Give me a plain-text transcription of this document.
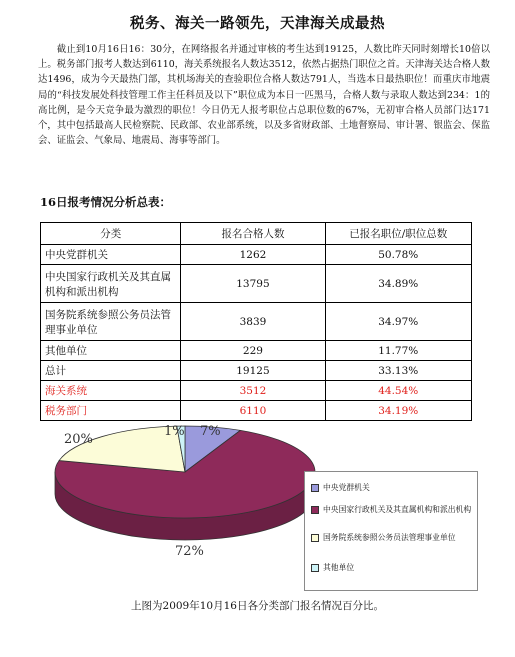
税务、海关一路领先，天津海关成最热
截止到10月16日16：30分，在网络报名并通过审核的考生达到19125，人数比昨天同时刻增长10倍以上。税务部门报考人数达到6110，海关系统报名人数达3512，依然占据热门职位之首。天津海关达合格人数达1496，成为今天最热门部，其机场海关的查验职位合格人数达791人，当选本日最热职位！而重庆市地震局的“科技发展处科技管理工作主任科员及以下”职位成为本日一匹黑马，合格人数与录取人数达到234：1的高比例，是今天竞争最为激烈的职位！今日仍无人报考职位占总职位数的67%，无初审合格人员部门达171个，其中包括最高人民检察院、民政部、农业部系统，以及多省财政部、土地督察局、审计署、银监会、保监会、证监会、气象局、地震局、海事等部门。
16日报考情况分析总表：
分类	报名合格人数	已报名职位/职位总数
中央党群机关	1262	50.78%
中央国家行政机关及其直属机构和派出机构	13795	34.89%
国务院系统参照公务员法管理事业单位	3839	34.97%
其他单位	229	11.77%
总计	19125	33.13%
海关系统	3512	44.54%
税务部门	6110	34.19%
7%
72%
20%
1%
中央党群机关
中央国家行政机关及其直属机构和派出机构
国务院系统参照公务员法管理事业单位
其他单位
上图为2009年10月16日各分类部门报名情况百分比。
